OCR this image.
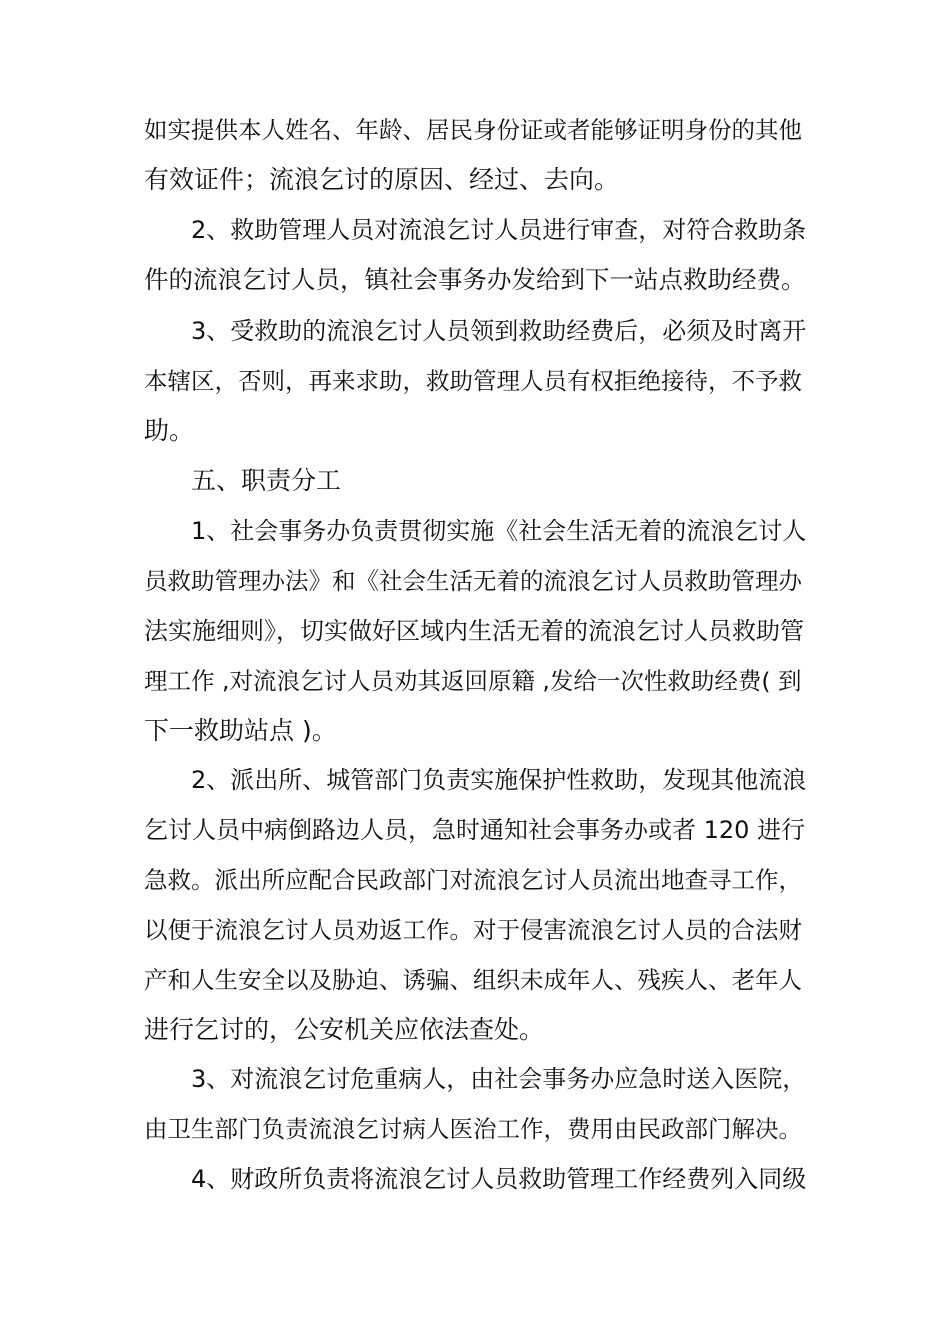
如实提供本人姓名、年龄、居民身份证或者能够证明身份的其他
有效证件；流浪乞讨的原因、经过、去向。
2、救助管理人员对流浪乞讨人员进行审查，对符合救助条
件的流浪乞讨人员，镇社会事务办发给到下一站点救助经费。
3、受救助的流浪乞讨人员领到救助经费后，必须及时离开
本辖区，否则，再来求助，救助管理人员有权拒绝接待，不予救
助。
五、职责分工
1、社会事务办负责贯彻实施《社会生活无着的流浪乞讨人
员救助管理办法》和《社会生活无着的流浪乞讨人员救助管理办
法实施细则》，切实做好区域内生活无着的流浪乞讨人员救助管
理工作 ,对流浪乞讨人员劝其返回原籍 ,发给一次性救助经费( 到
下一救助站点 )。
2、派出所、城管部门负责实施保护性救助，发现其他流浪
乞讨人员中病倒路边人员，急时通知社会事务办或者 120 进行
急救。派出所应配合民政部门对流浪乞讨人员流出地查寻工作，
以便于流浪乞讨人员劝返工作。对于侵害流浪乞讨人员的合法财
产和人生安全以及胁迫、诱骗、组织未成年人、残疾人、老年人
进行乞讨的，公安机关应依法查处。
3、对流浪乞讨危重病人，由社会事务办应急时送入医院，
由卫生部门负责流浪乞讨病人医治工作，费用由民政部门解决。
4、财政所负责将流浪乞讨人员救助管理工作经费列入同级
